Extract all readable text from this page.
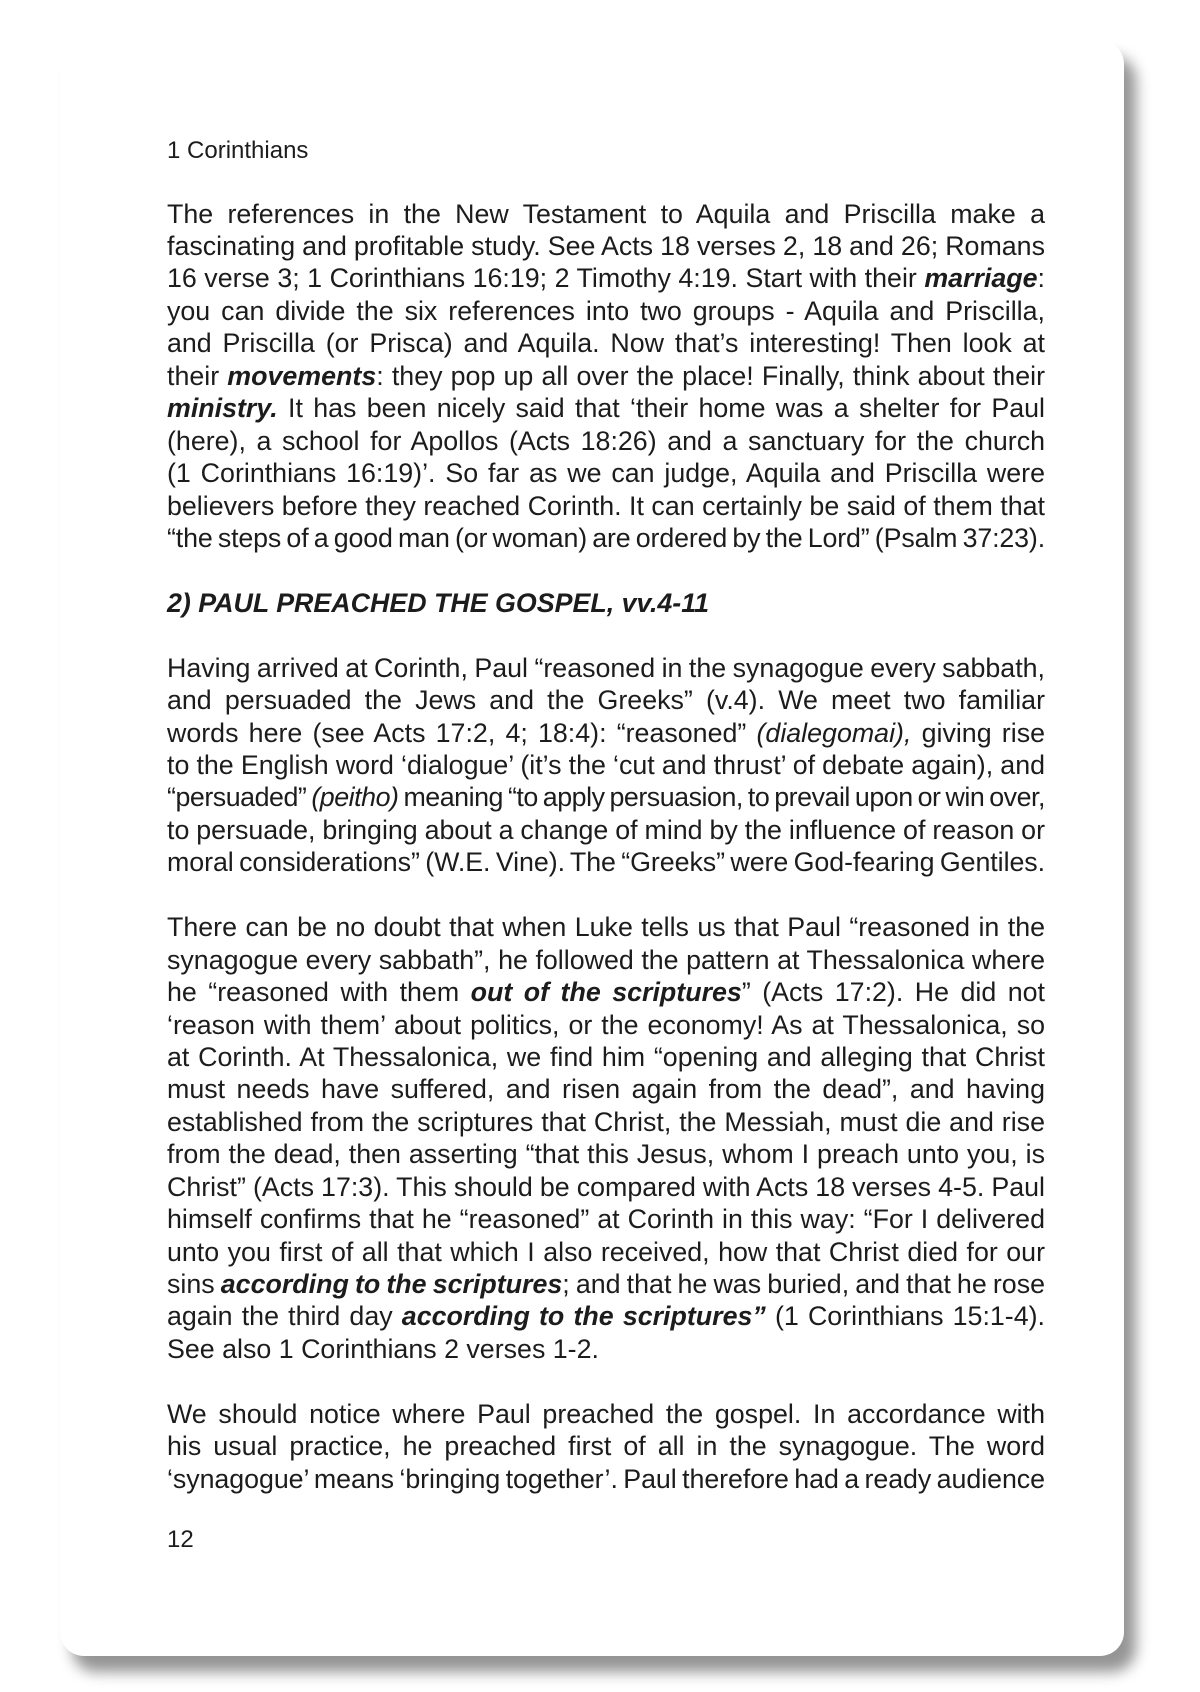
1 Corinthians
The references in the New Testament to Aquila and Priscilla make a
fascinating and profitable study. See Acts 18 verses 2, 18 and 26; Romans
16 verse 3; 1 Corinthians 16:19; 2 Timothy 4:19. Start with their marriage:
you can divide the six references into two groups - Aquila and Priscilla,
and Priscilla (or Prisca) and Aquila. Now that’s interesting! Then look at
their movements: they pop up all over the place! Finally, think about their
ministry. It has been nicely said that ‘their home was a shelter for Paul
(here), a school for Apollos (Acts 18:26) and a sanctuary for the church
(1 Corinthians 16:19)’. So far as we can judge, Aquila and Priscilla were
believers before they reached Corinth. It can certainly be said of them that
“the steps of a good man (or woman) are ordered by the Lord” (Psalm 37:23).
2) PAUL PREACHED THE GOSPEL, vv.4-11
Having arrived at Corinth, Paul “reasoned in the synagogue every sabbath,
and persuaded the Jews and the Greeks” (v.4). We meet two familiar
words here (see Acts 17:2, 4; 18:4): “reasoned” (dialegomai), giving rise
to the English word ‘dialogue’ (it’s the ‘cut and thrust’ of debate again), and
“persuaded” (peitho) meaning “to apply persuasion, to prevail upon or win over,
to persuade, bringing about a change of mind by the influence of reason or
moral considerations” (W.E. Vine). The “Greeks” were God-fearing Gentiles.
There can be no doubt that when Luke tells us that Paul “reasoned in the
synagogue every sabbath”, he followed the pattern at Thessalonica where
he “reasoned with them out of the scriptures” (Acts 17:2). He did not
‘reason with them’ about politics, or the economy! As at Thessalonica, so
at Corinth. At Thessalonica, we find him “opening and alleging that Christ
must needs have suffered, and risen again from the dead”, and having
established from the scriptures that Christ, the Messiah, must die and rise
from the dead, then asserting “that this Jesus, whom I preach unto you, is
Christ” (Acts 17:3). This should be compared with Acts 18 verses 4-5. Paul
himself confirms that he “reasoned” at Corinth in this way: “For I delivered
unto you first of all that which I also received, how that Christ died for our
sins according to the scriptures; and that he was buried, and that he rose
again the third day according to the scriptures” (1 Corinthians 15:1-4).
See also 1 Corinthians 2 verses 1-2.
We should notice where Paul preached the gospel. In accordance with
his usual practice, he preached first of all in the synagogue. The word
‘synagogue’ means ‘bringing together’. Paul therefore had a ready audience
12
